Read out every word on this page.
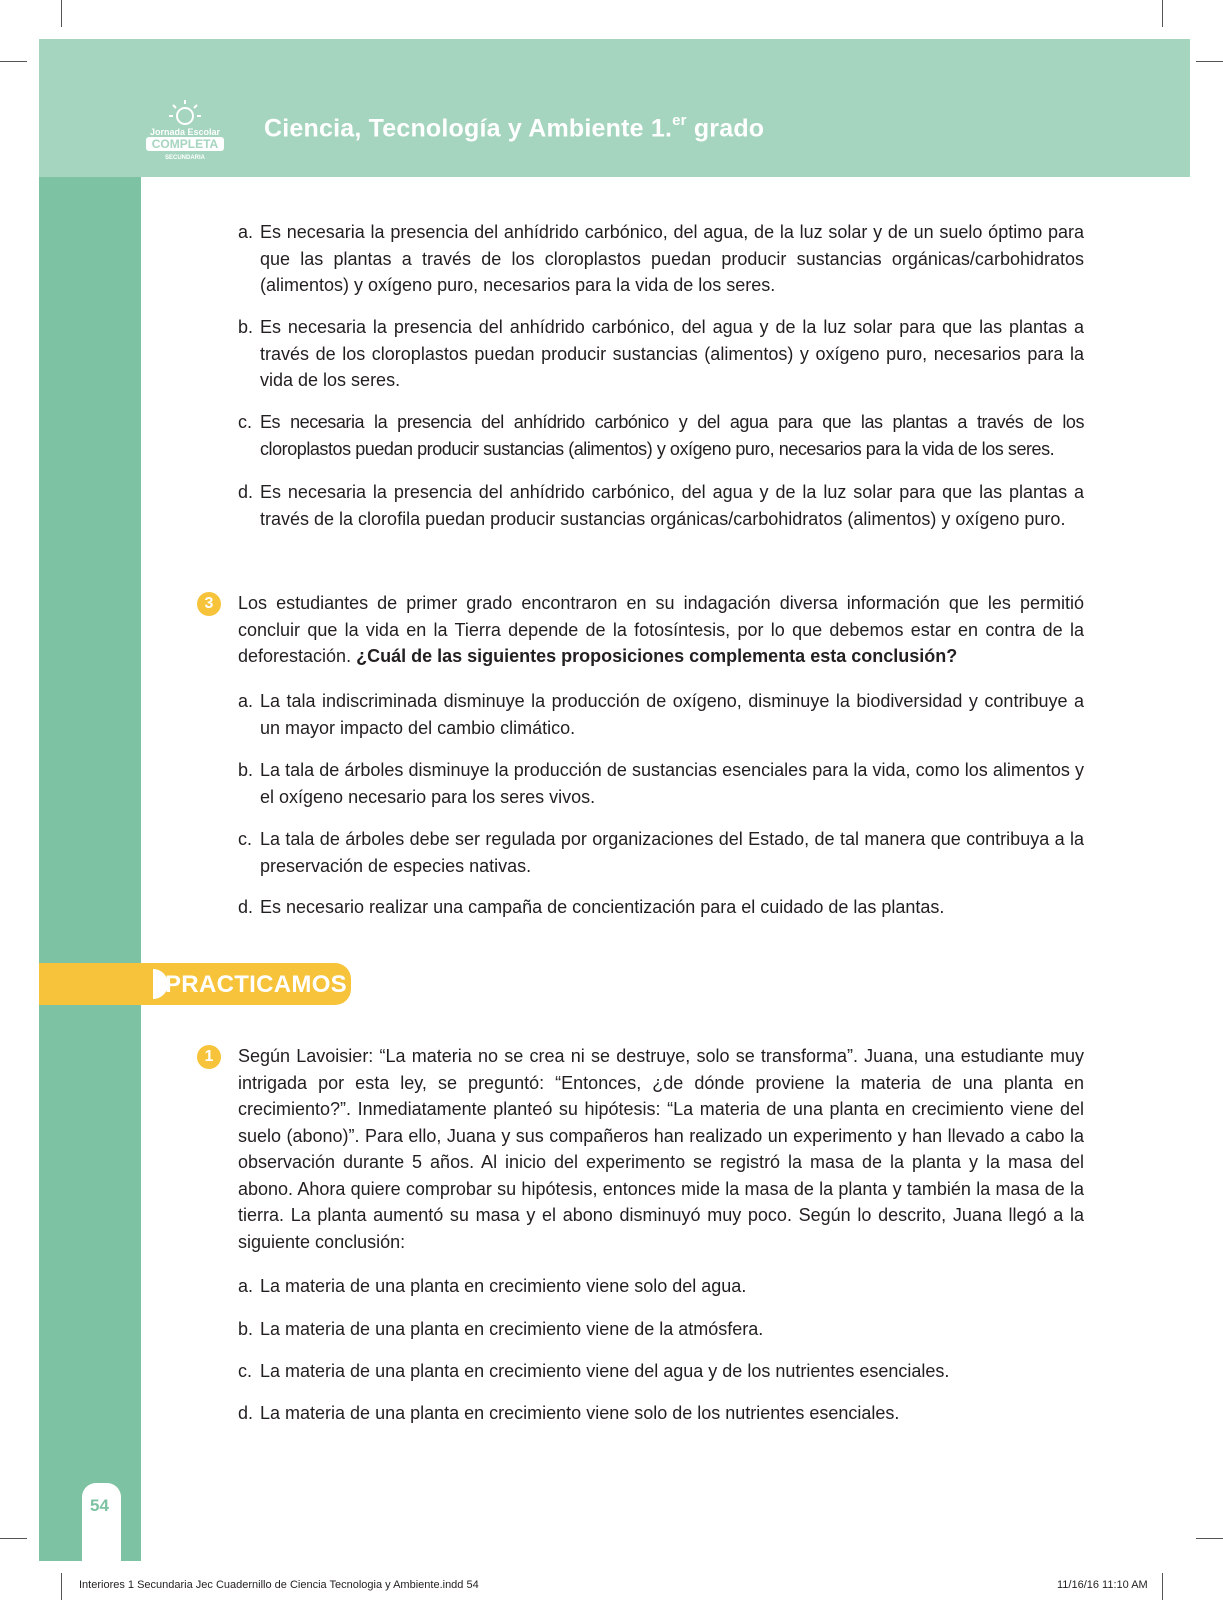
Jornada Escolar
COMPLETA
SECUNDARIA
Ciencia, Tecnología y Ambiente 1.$^{er}$ grado
a. Es necesaria la presencia del anhídrido carbónico, del agua, de la luz solar y de un suelo óptimo para que las plantas a través de los cloroplastos puedan producir sustancias orgánicas/carbohidratos (alimentos) y oxígeno puro, necesarios para la vida de los seres.
b. Es necesaria la presencia del anhídrido carbónico, del agua y de la luz solar para que las plantas a través de los cloroplastos puedan producir sustancias (alimentos) y oxígeno puro, necesarios para la vida de los seres.
c. Es necesaria la presencia del anhídrido carbónico y del agua para que las plantas a través de los cloroplastos puedan producir sustancias (alimentos) y oxígeno puro, necesarios para la vida de los seres.
d. Es necesaria la presencia del anhídrido carbónico, del agua y de la luz solar para que las plantas a través de la clorofila puedan producir sustancias orgánicas/carbohidratos (alimentos) y oxígeno puro.
3	Los estudiantes de primer grado encontraron en su indagación diversa información que les permitió concluir que la vida en la Tierra depende de la fotosíntesis, por lo que debemos estar en contra de la deforestación. ¿Cuál de las siguientes proposiciones complementa esta conclusión?
a. La tala indiscriminada disminuye la producción de oxígeno, disminuye la biodiversidad y contribuye a un mayor impacto del cambio climático.
b. La tala de árboles disminuye la producción de sustancias esenciales para la vida, como los alimentos y el oxígeno necesario para los seres vivos.
c. La tala de árboles debe ser regulada por organizaciones del Estado, de tal manera que contribuya a la preservación de especies nativas.
d. Es necesario realizar una campaña de concientización para el cuidado de las plantas.
PRACTICAMOS
1	Según Lavoisier: “La materia no se crea ni se destruye, solo se transforma”. Juana, una estudiante muy intrigada por esta ley, se preguntó: “Entonces, ¿de dónde proviene la materia de una planta en crecimiento?”. Inmediatamente planteó su hipótesis: “La materia de una planta en crecimiento viene del suelo (abono)”. Para ello, Juana y sus compañeros han realizado un experimento y han llevado a cabo la observación durante 5 años. Al inicio del experimento se registró la masa de la planta y la masa del abono. Ahora quiere comprobar su hipótesis, entonces mide la masa de la planta y también la masa de la tierra. La planta aumentó su masa y el abono disminuyó muy poco. Según lo descrito, Juana llegó a la siguiente conclusión:
a. La materia de una planta en crecimiento viene solo del agua.
b. La materia de una planta en crecimiento viene de la atmósfera.
c. La materia de una planta en crecimiento viene del agua y de los nutrientes esenciales.
d. La materia de una planta en crecimiento viene solo de los nutrientes esenciales.
54
Interiores 1 Secundaria Jec Cuadernillo de Ciencia Tecnologia y Ambiente.indd 54	11/16/16 11:10 AM
